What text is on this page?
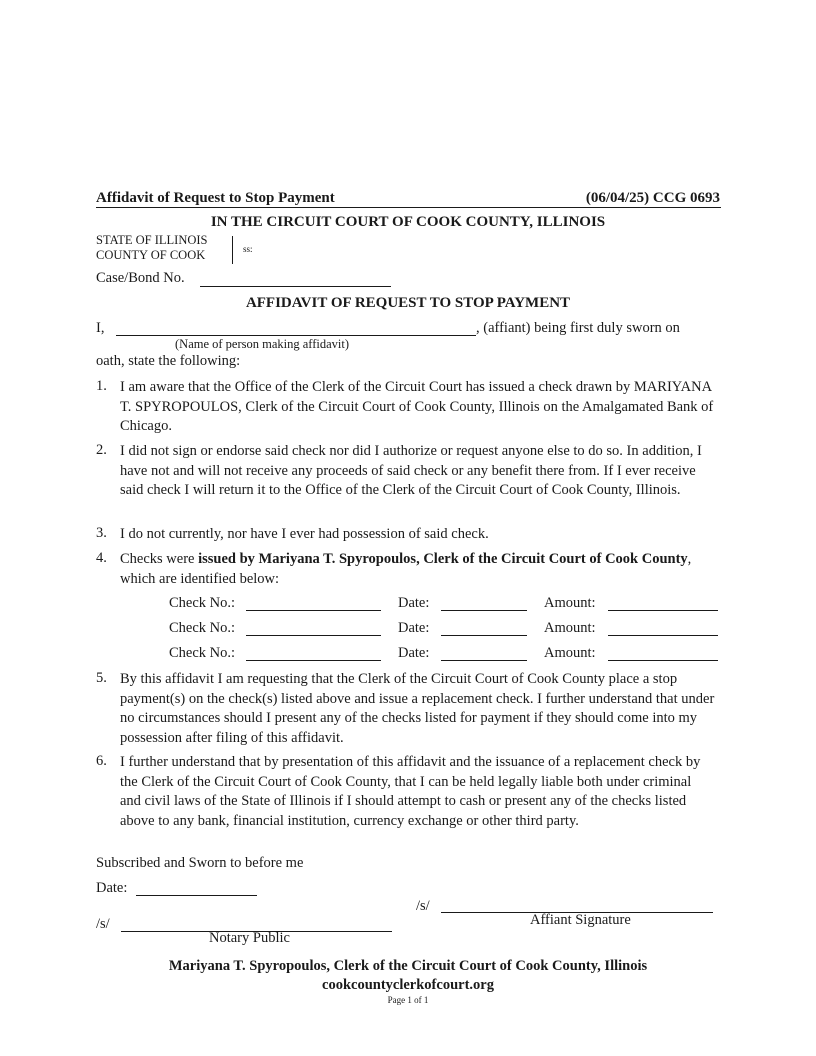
Affidavit of Request to Stop Payment	(06/04/25) CCG 0693
IN THE CIRCUIT COURT OF COOK COUNTY, ILLINOIS
STATE OF ILLINOIS
COUNTY OF COOK	ss:
Case/Bond No.
AFFIDAVIT OF REQUEST TO STOP PAYMENT
I,	, (affiant) being first duly sworn on
(Name of person making affidavit)
oath, state the following:
1. I am aware that the Office of the Clerk of the Circuit Court has issued a check drawn by MARIYANA T. SPYROPOULOS, Clerk of the Circuit Court of Cook County, Illinois on the Amalgamated Bank of Chicago.
2. I did not sign or endorse said check nor did I authorize or request anyone else to do so. In addition, I have not and will not receive any proceeds of said check or any benefit there from. If I ever receive said check I will return it to the Office of the Clerk of the Circuit Court of Cook County, Illinois.
3. I do not currently, nor have I ever had possession of said check.
4. Checks were issued by Mariyana T. Spyropoulos, Clerk of the Circuit Court of Cook County, which are identified below:
Check No.:	Date:	Amount:
Check No.:	Date:	Amount:
Check No.:	Date:	Amount:
5. By this affidavit I am requesting that the Clerk of the Circuit Court of Cook County place a stop payment(s) on the check(s) listed above and issue a replacement check. I further understand that under no circumstances should I present any of the checks listed for payment if they should come into my possession after filing of this affidavit.
6. I further understand that by presentation of this affidavit and the issuance of a replacement check by the Clerk of the Circuit Court of Cook County, that I can be held legally liable both under criminal and civil laws of the State of Illinois if I should attempt to cash or present any of the checks listed above to any bank, financial institution, currency exchange or other third party.
Subscribed and Sworn to before me
Date:
/s/
Affiant Signature
/s/
Notary Public
Mariyana T. Spyropoulos, Clerk of the Circuit Court of Cook County, Illinois
cookcountyclerkofcourt.org
Page 1 of 1
